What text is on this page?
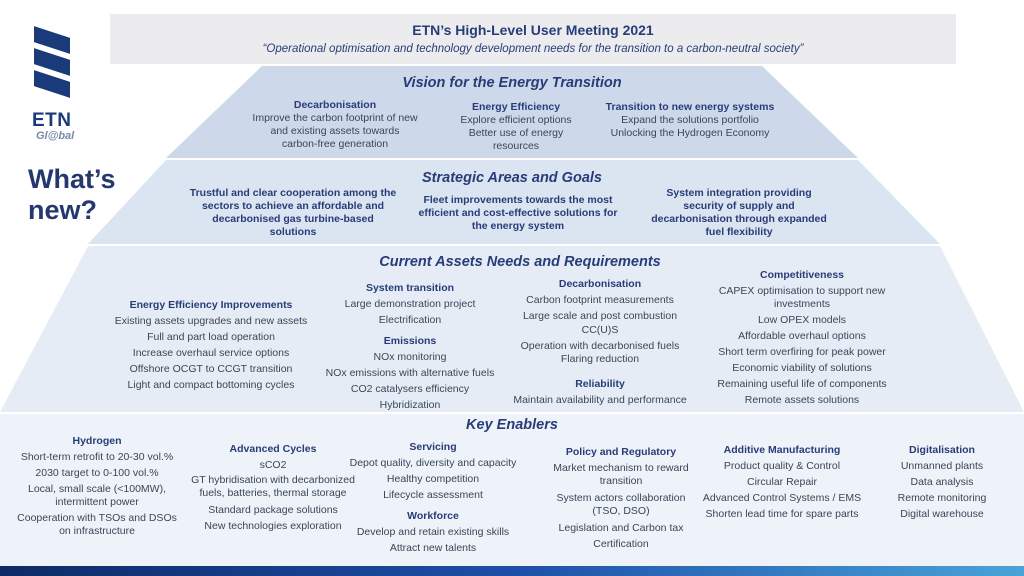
ETN’s High-Level User Meeting 2021
“Operational optimisation and technology development needs for the transition to a carbon-neutral society”
ETN
Gl@bal
What’s
new?
Vision for the Energy Transition
Decarbonisation
Improve the carbon footprint of new
and existing assets towards
carbon-free generation
Energy Efficiency
Explore efficient options
Better use of energy
resources
Transition to new energy systems
Expand the solutions portfolio
Unlocking the Hydrogen Economy
Strategic Areas and Goals
Trustful and clear cooperation among the
sectors to achieve an affordable and
decarbonised gas turbine-based
solutions
Fleet improvements towards the most
efficient and cost-effective solutions for
the energy system
System integration providing
security of supply and
decarbonisation through expanded
fuel flexibility
Current Assets Needs and Requirements
Energy Efficiency Improvements
Existing assets upgrades and new assets
Full and part load operation
Increase overhaul service options
Offshore OCGT to CCGT transition
Light and compact bottoming cycles
System transition
Large demonstration project
Electrification
Emissions
NOx monitoring
NOx emissions with alternative fuels
CO2 catalysers efficiency
Hybridization
Decarbonisation
Carbon footprint measurements
Large scale and post combustion
CC(U)S
Operation with decarbonised fuels
Flaring reduction
Reliability
Maintain availability and performance
Competitiveness
CAPEX optimisation to support new
investments
Low OPEX models
Affordable overhaul options
Short term overfiring for peak power
Economic viability of solutions
Remaining useful life of components
Remote assets solutions
Key Enablers
Hydrogen
Short-term retrofit to 20-30 vol.%
2030 target to 0-100 vol.%
Local, small scale (<100MW),
intermittent power
Cooperation with TSOs and DSOs
on infrastructure
Advanced Cycles
sCO2
GT hybridisation with decarbonized
fuels, batteries, thermal storage
Standard package solutions
New technologies exploration
Servicing
Depot quality, diversity and capacity
Healthy competition
Lifecycle assessment
Workforce
Develop and retain existing skills
Attract new talents
Policy and Regulatory
Market mechanism to reward
transition
System actors collaboration
(TSO, DSO)
Legislation and Carbon tax
Certification
Additive Manufacturing
Product quality & Control
Circular Repair
Advanced Control Systems / EMS
Shorten lead time for spare parts
Digitalisation
Unmanned plants
Data analysis
Remote monitoring
Digital warehouse
